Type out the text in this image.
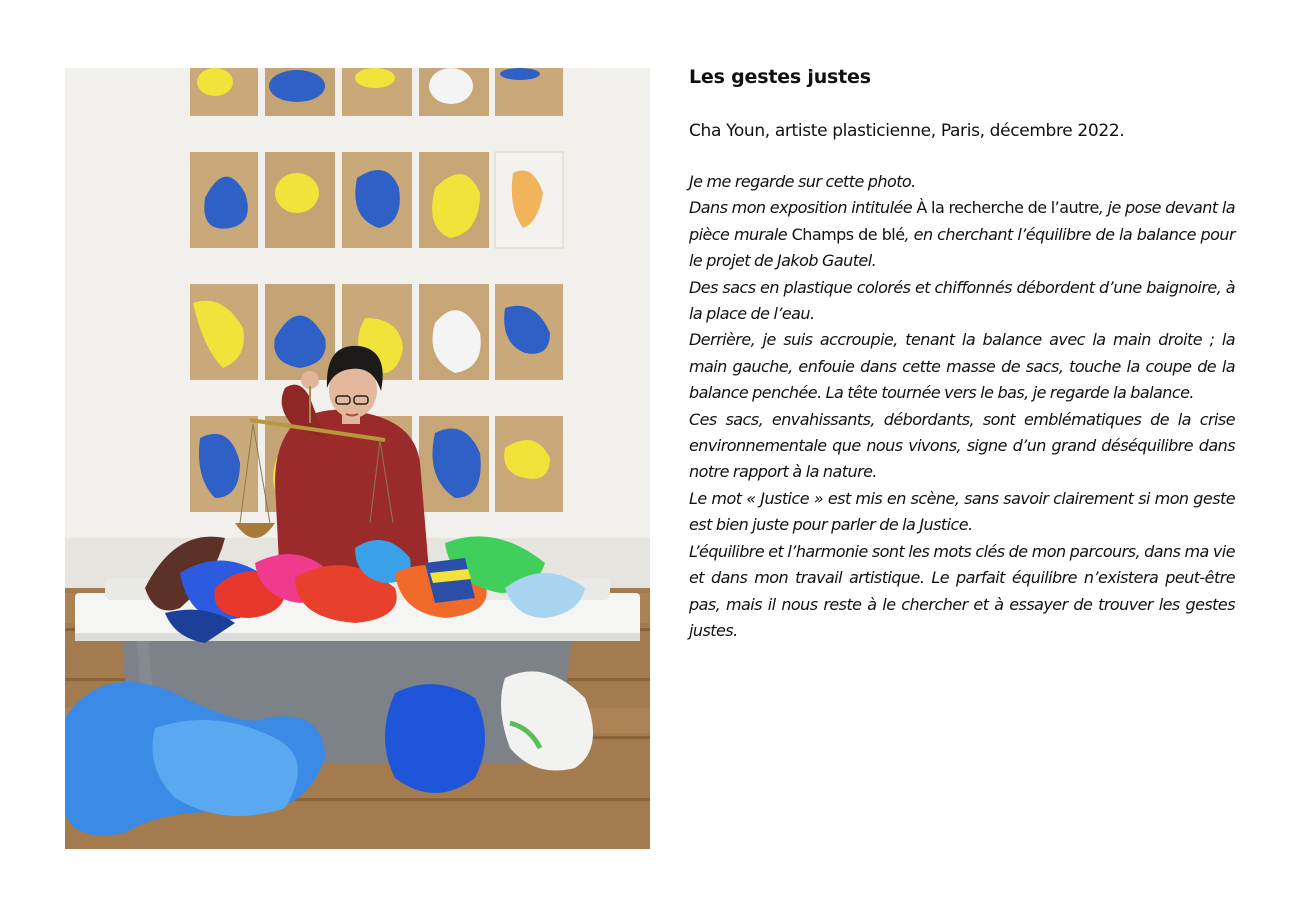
Les gestes justes

Cha Youn, artiste plasticienne, Paris, décembre 2022.

Je me regarde sur cette photo.

Dans mon exposition intitulée À la recherche de l’autre, je pose devant la pièce murale Champs de blé, en cherchant l’équilibre de la balance pour le projet de Jakob Gautel.

Des sacs en plastique colorés et chiffonnés débordent d’une baignoire, à la place de l’eau.

Derrière, je suis accroupie, tenant la balance avec la main droite ; la main gauche, enfouie dans cette masse de sacs, touche la coupe de la balance penchée. La tête tournée vers le bas, je regarde la balance.

Ces sacs, envahissants, débordants, sont emblématiques de la crise environnementale que nous vivons, signe d’un grand déséquilibre dans notre rapport à la nature.

Le mot « Justice » est mis en scène, sans savoir clairement si mon geste est bien juste pour parler de la Justice.

L’équilibre et l’harmonie sont les mots clés de mon parcours, dans ma vie et dans mon travail artistique. Le parfait équilibre n’existera peut-être pas, mais il nous reste à le chercher et à essayer de trouver les gestes justes.
